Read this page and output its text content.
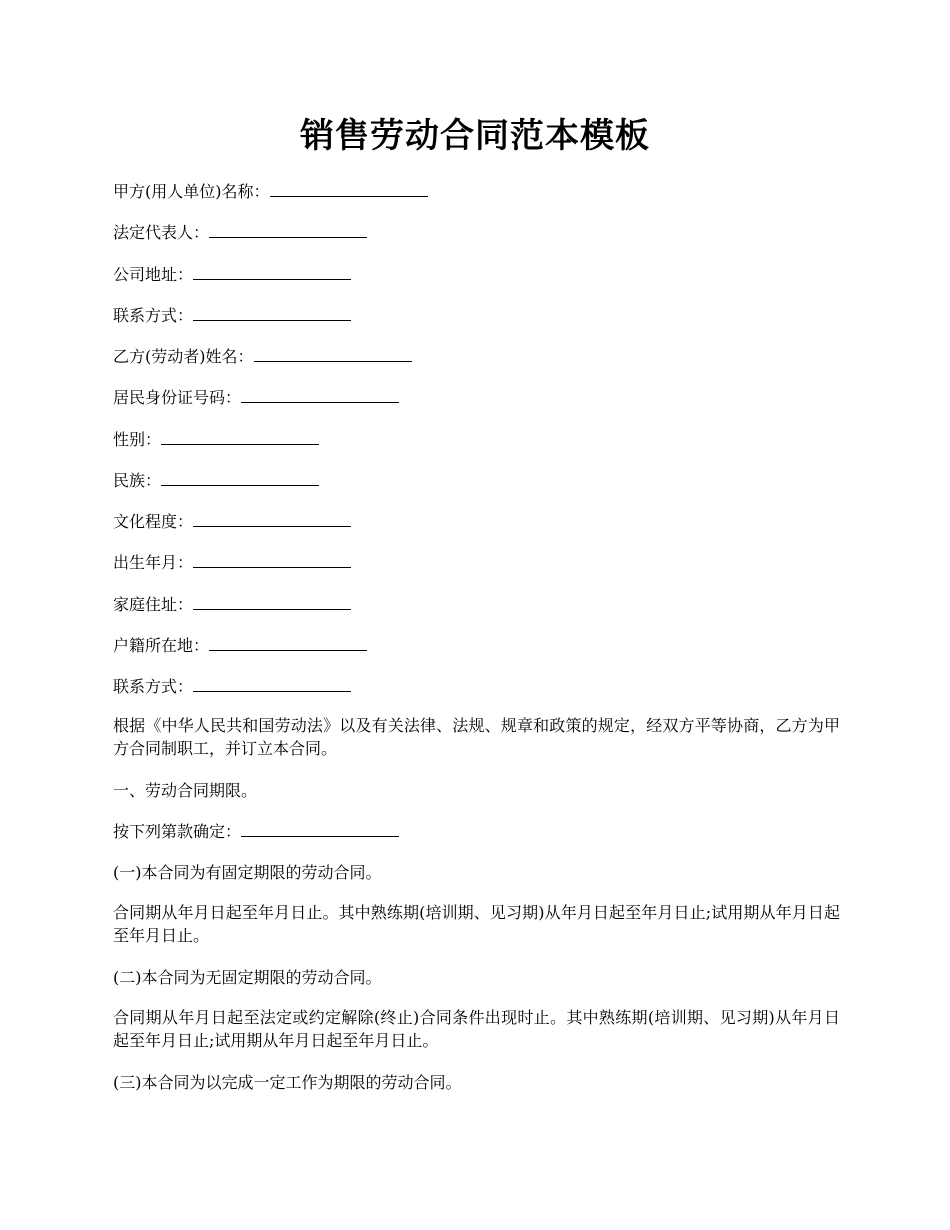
销售劳动合同范本模板
甲方(用人单位)名称：
法定代表人：
公司地址：
联系方式：
乙方(劳动者)姓名：
居民身份证号码：
性别：
民族：
文化程度：
出生年月：
家庭住址：
户籍所在地：
联系方式：

根据《中华人民共和国劳动法》以及有关法律、法规、规章和政策的规定，经双方平等协商，乙方为甲方合同制职工，并订立本合同。

一、劳动合同期限。

按下列第款确定：

(一)本合同为有固定期限的劳动合同。

合同期从年月日起至年月日止。其中熟练期(培训期、见习期)从年月日起至年月日止;试用期从年月日起至年月日止。

(二)本合同为无固定期限的劳动合同。

合同期从年月日起至法定或约定解除(终止)合同条件出现时止。其中熟练期(培训期、见习期)从年月日起至年月日止;试用期从年月日起至年月日止。

(三)本合同为以完成一定工作为期限的劳动合同。
